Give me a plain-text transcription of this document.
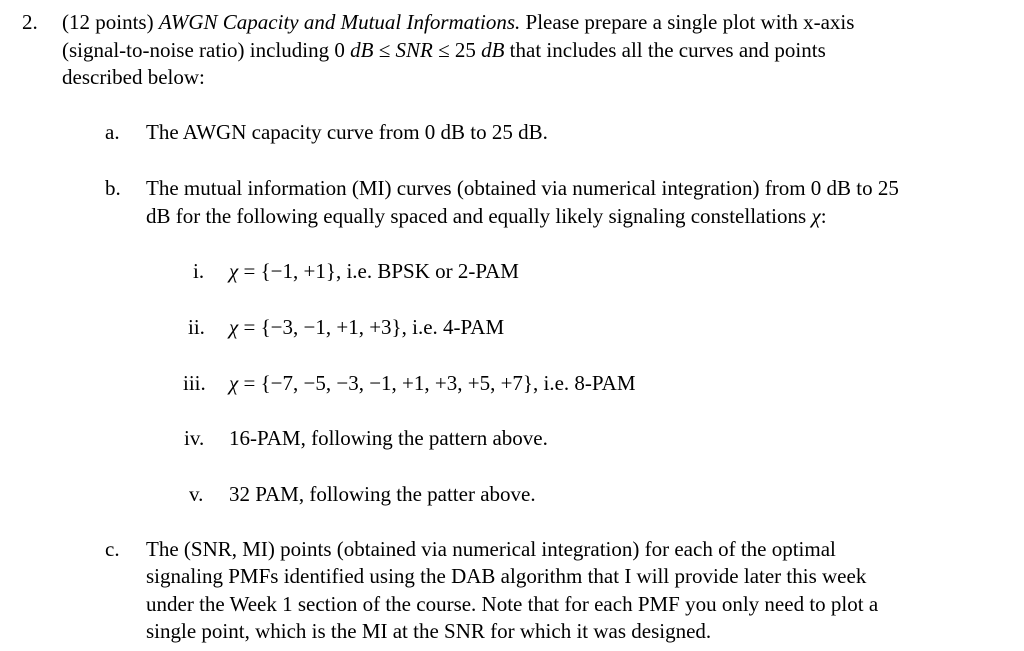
2. (12 points) AWGN Capacity and Mutual Informations. Please prepare a single plot with x-axis
(signal-to-noise ratio) including 0 dB ≤ SNR ≤ 25 dB that includes all the curves and points
described below:
a. The AWGN capacity curve from 0 dB to 25 dB.
b. The mutual information (MI) curves (obtained via numerical integration) from 0 dB to 25
dB for the following equally spaced and equally likely signaling constellations χ:
i. χ = {−1, +1}, i.e. BPSK or 2-PAM
ii. χ = {−3, −1, +1, +3}, i.e. 4-PAM
iii. χ = {−7, −5, −3, −1, +1, +3, +5, +7}, i.e. 8-PAM
iv. 16-PAM, following the pattern above.
v. 32 PAM, following the patter above.
c. The (SNR, MI) points (obtained via numerical integration) for each of the optimal
signaling PMFs identified using the DAB algorithm that I will provide later this week
under the Week 1 section of the course. Note that for each PMF you only need to plot a
single point, which is the MI at the SNR for which it was designed.
